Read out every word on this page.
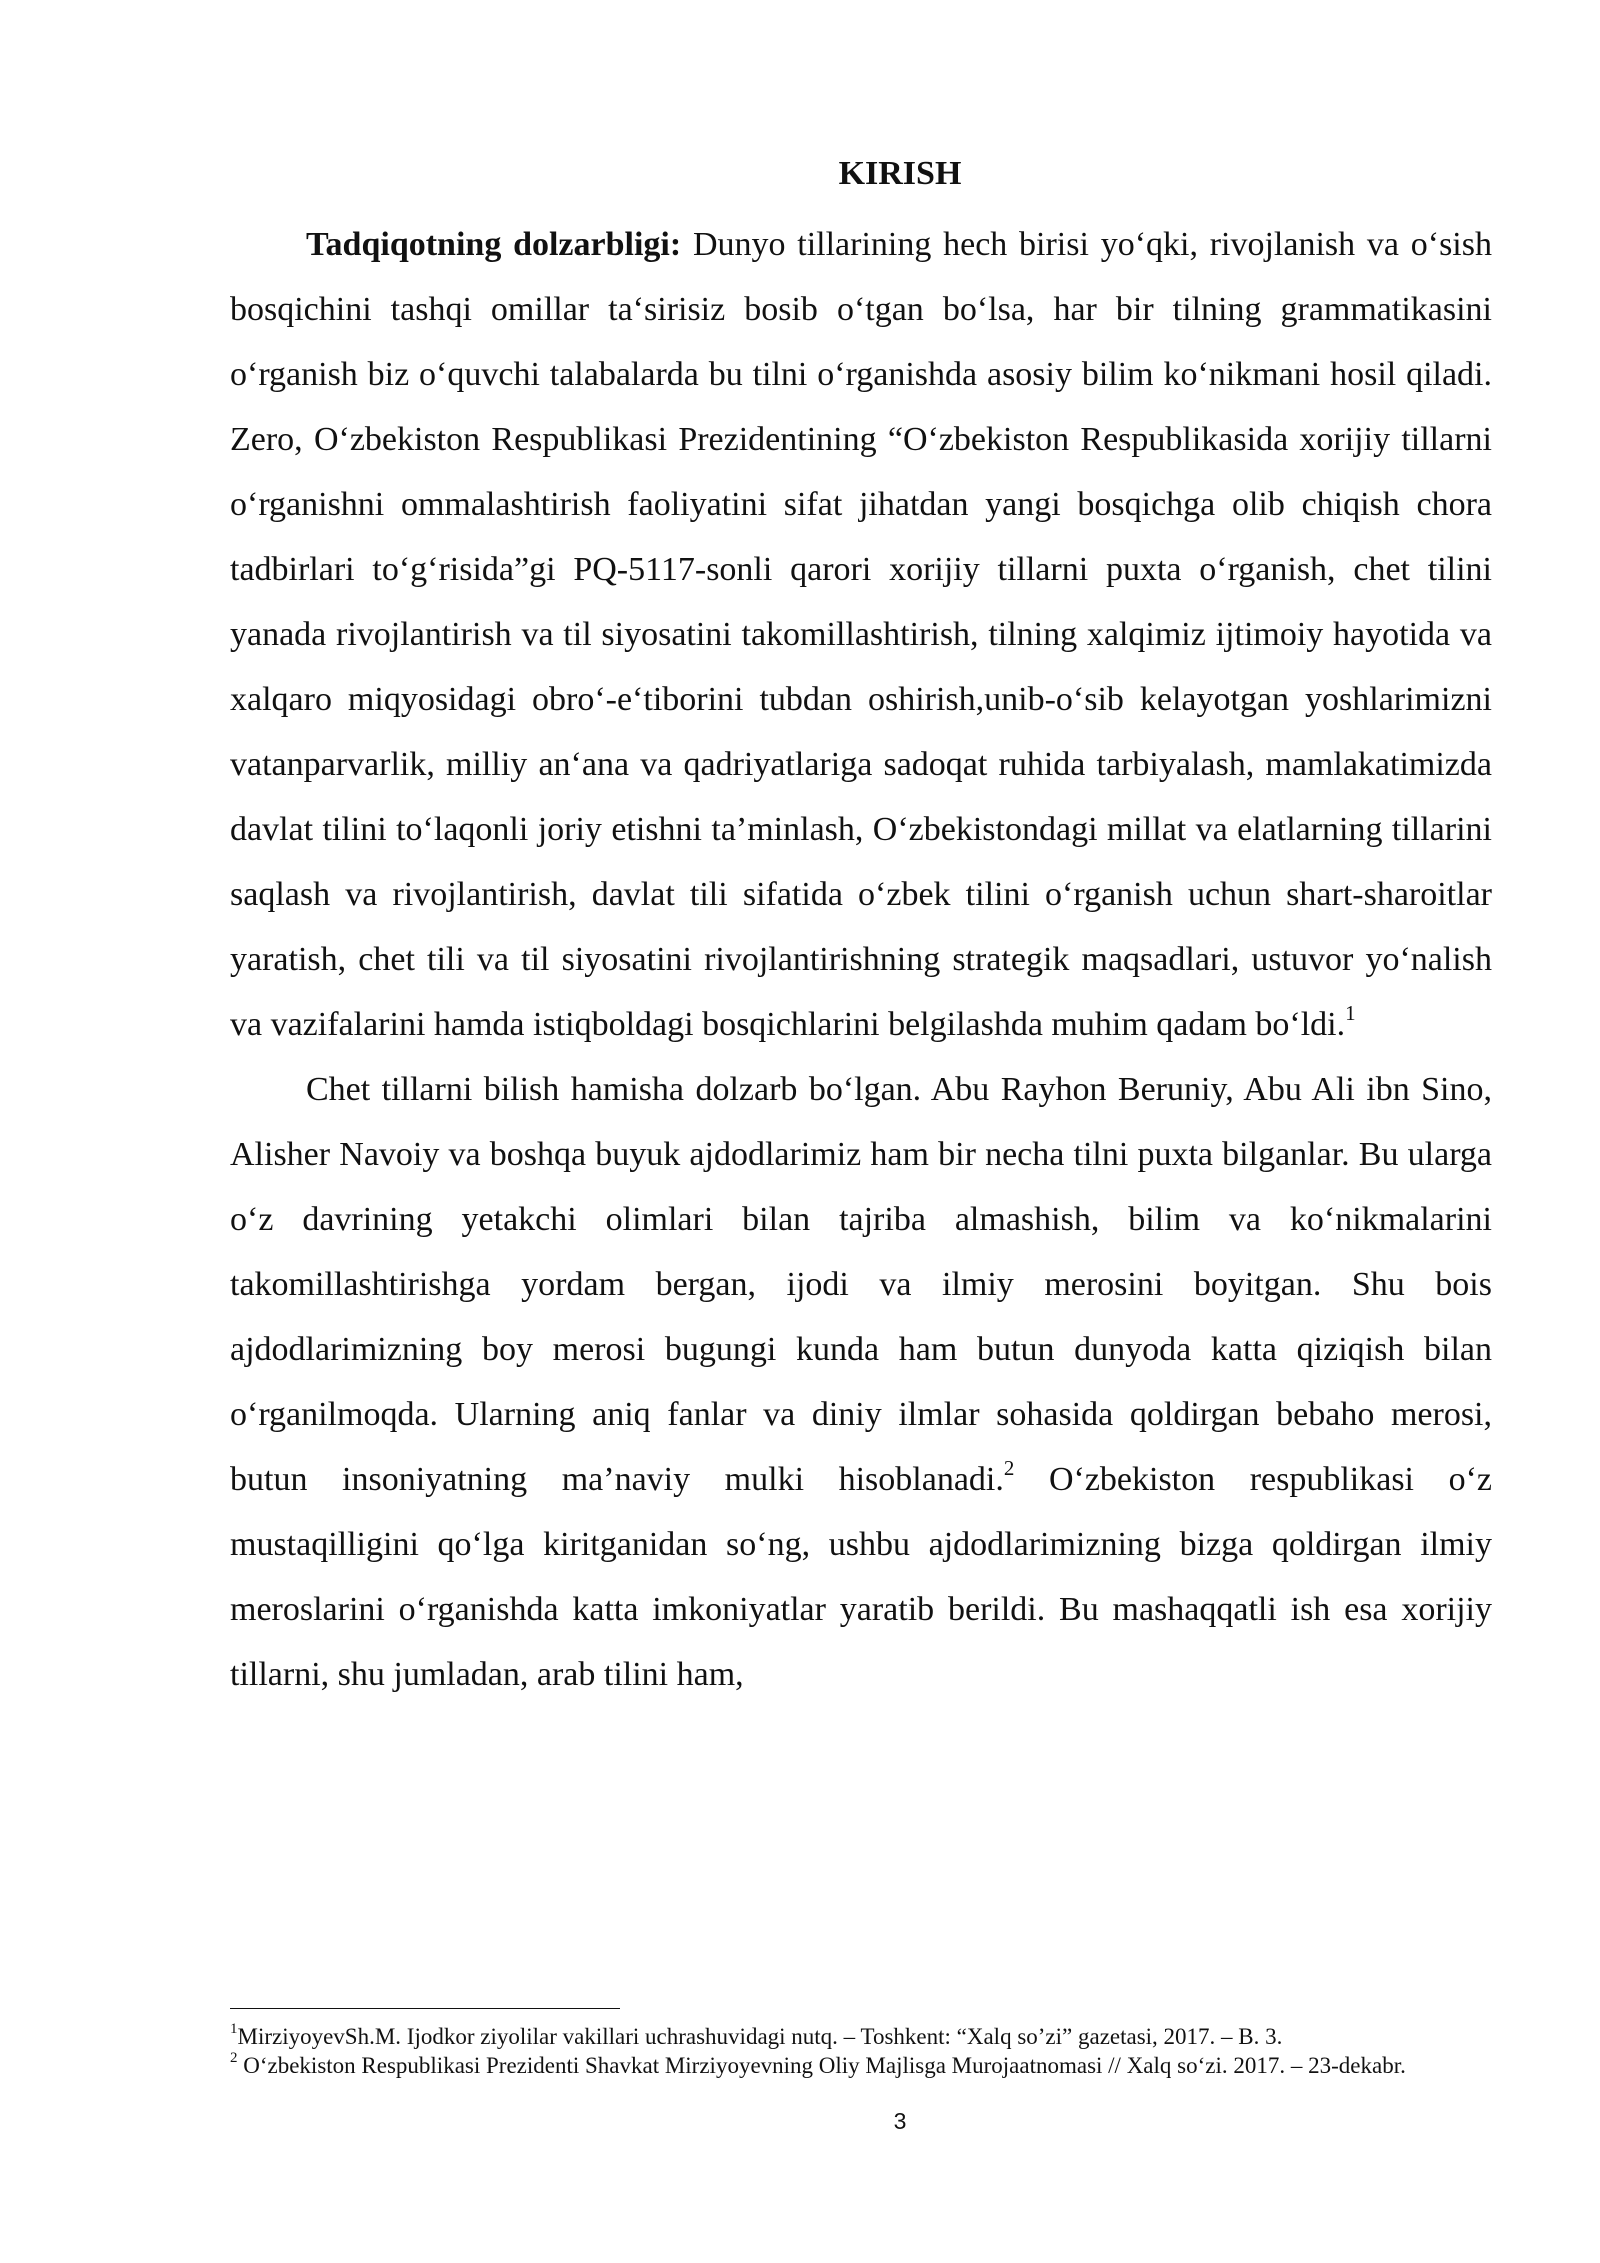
KIRISH

Tadqiqotning dolzarbligi: Dunyo tillarining hech birisi yo‘qki, rivojlanish va o‘sish bosqichini tashqi omillar ta‘sirisiz bosib o‘tgan bo‘lsa, har bir tilning grammatikasini o‘rganish biz o‘quvchi talabalarda bu tilni o‘rganishda asosiy bilim ko‘nikmani hosil qiladi. Zero, O‘zbekiston Respublikasi Prezidentining “O‘zbekiston Respublikasida xorijiy tillarni o‘rganishni ommalashtirish faoliyatini sifat jihatdan yangi bosqichga olib chiqish chora tadbirlari to‘g‘risida”gi PQ-5117-sonli qarori xorijiy tillarni puxta o‘rganish, chet tilini yanada rivojlantirish va til siyosatini takomillashtirish, tilning xalqimiz ijtimoiy hayotida va xalqaro miqyosidagi obro‘-e‘tiborini tubdan oshirish,unib-o‘sib kelayotgan yoshlarimizni vatanparvarlik, milliy an‘ana va qadriyatlariga sadoqat ruhida tarbiyalash, mamlakatimizda davlat tilini to‘laqonli joriy etishni ta’minlash, O‘zbekistondagi millat va elatlarning tillarini saqlash va rivojlantirish, davlat tili sifatida o‘zbek tilini o‘rganish uchun shart-sharoitlar yaratish, chet tili va til siyosatini rivojlantirishning strategik maqsadlari, ustuvor yo‘nalish va vazifalarini hamda istiqboldagi bosqichlarini belgilashda muhim qadam bo‘ldi.$^1$

Chet tillarni bilish hamisha dolzarb bo‘lgan. Abu Rayhon Beruniy, Abu Ali ibn Sino, Alisher Navoiy va boshqa buyuk ajdodlarimiz ham bir necha tilni puxta bilganlar. Bu ularga o‘z davrining yetakchi olimlari bilan tajriba almashish, bilim va ko‘nikmalarini takomillashtirishga yordam bergan, ijodi va ilmiy merosini boyitgan. Shu bois ajdodlarimizning boy merosi bugungi kunda ham butun dunyoda katta qiziqish bilan o‘rganilmoqda. Ularning aniq fanlar va diniy ilmlar sohasida qoldirgan bebaho merosi, butun insoniyatning ma’naviy mulki hisoblanadi.$^2$ O‘zbekiston respublikasi o‘z mustaqilligini qo‘lga kiritganidan so‘ng, ushbu ajdodlarimizning bizga qoldirgan ilmiy meroslarini o‘rganishda katta imkoniyatlar yaratib berildi. Bu mashaqqatli ish esa xorijiy tillarni, shu jumladan, arab tilini ham,

$^1$MirziyoyevSh.M. Ijodkor ziyolilar vakillari uchrashuvidagi nutq. – Toshkent: “Xalq so’zi” gazetasi, 2017. – B. 3.

$^2$ O‘zbekiston Respublikasi Prezidenti Shavkat Mirziyoyevning Oliy Majlisga Murojaatnomasi // Xalq so‘zi. 2017. – 23-dekabr.

3
